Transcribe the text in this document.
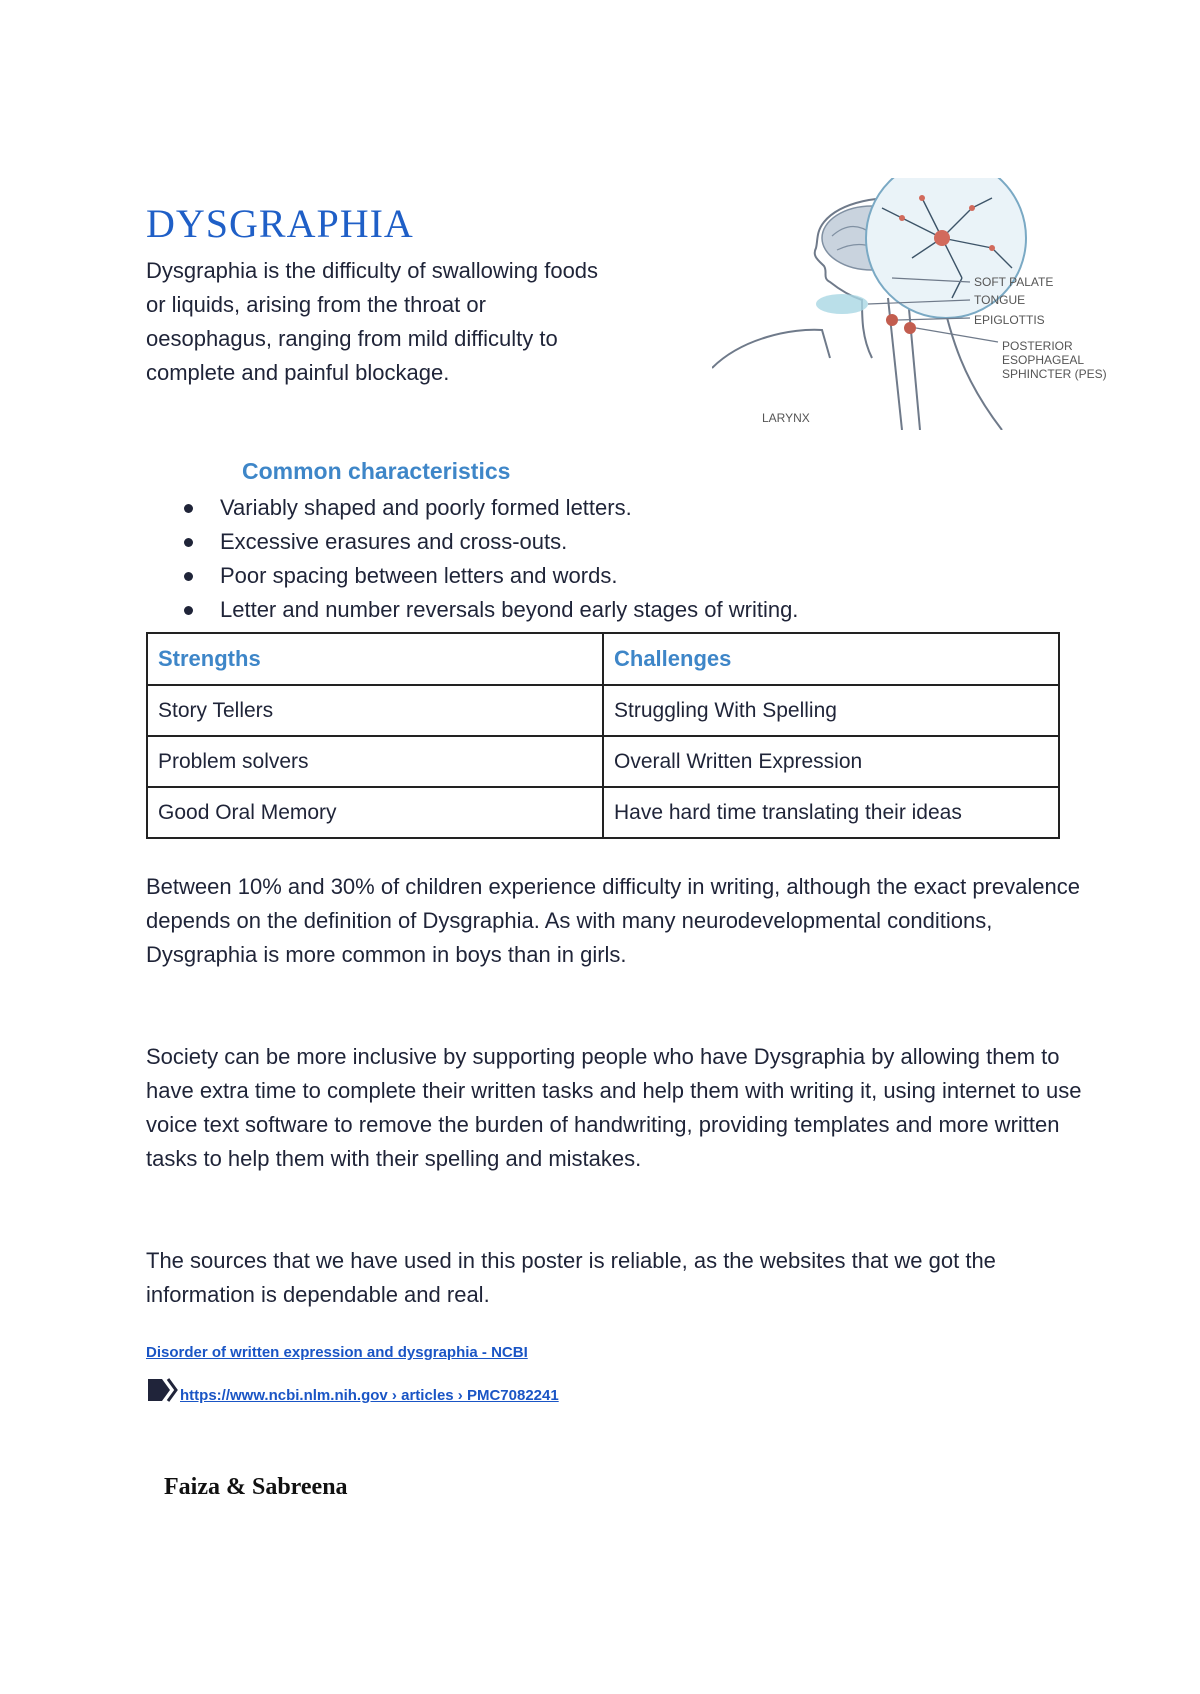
DYSGRAPHIA

Dysgraphia is the difficulty of swallowing foods or liquids, arising from the throat or oesophagus, ranging from mild difficulty to complete and painful blockage.

SOFT PALATE
TONGUE
EPIGLOTTIS
POSTERIOR
ESOPHAGEAL
SPHINCTER (PES)
LARYNX
Common characteristics
Variably shaped and poorly formed letters.
Excessive erasures and cross-outs.
Poor spacing between letters and words.
Letter and number reversals beyond early stages of writing.
Strengths	Challenges
Story Tellers	Struggling With Spelling
Problem solvers	Overall Written Expression
Good Oral Memory	Have hard time translating their ideas

Between 10% and 30% of children experience difficulty in writing, although the exact prevalence depends on the definition of Dysgraphia. As with many neurodevelopmental conditions, Dysgraphia is more common in boys than in girls.

Society can be more inclusive by supporting people who have Dysgraphia by allowing them to have extra time to complete their written tasks and help them with writing it, using internet to use voice text software to remove the burden of handwriting, providing templates and more written tasks to help them with their spelling and mistakes.

The sources that we have used in this poster is reliable, as the websites that we got the information is dependable and real.

Disorder of written expression and dysgraphia - NCBI
https://www.ncbi.nlm.nih.gov › articles › PMC7082241
Faiza & Sabreena
